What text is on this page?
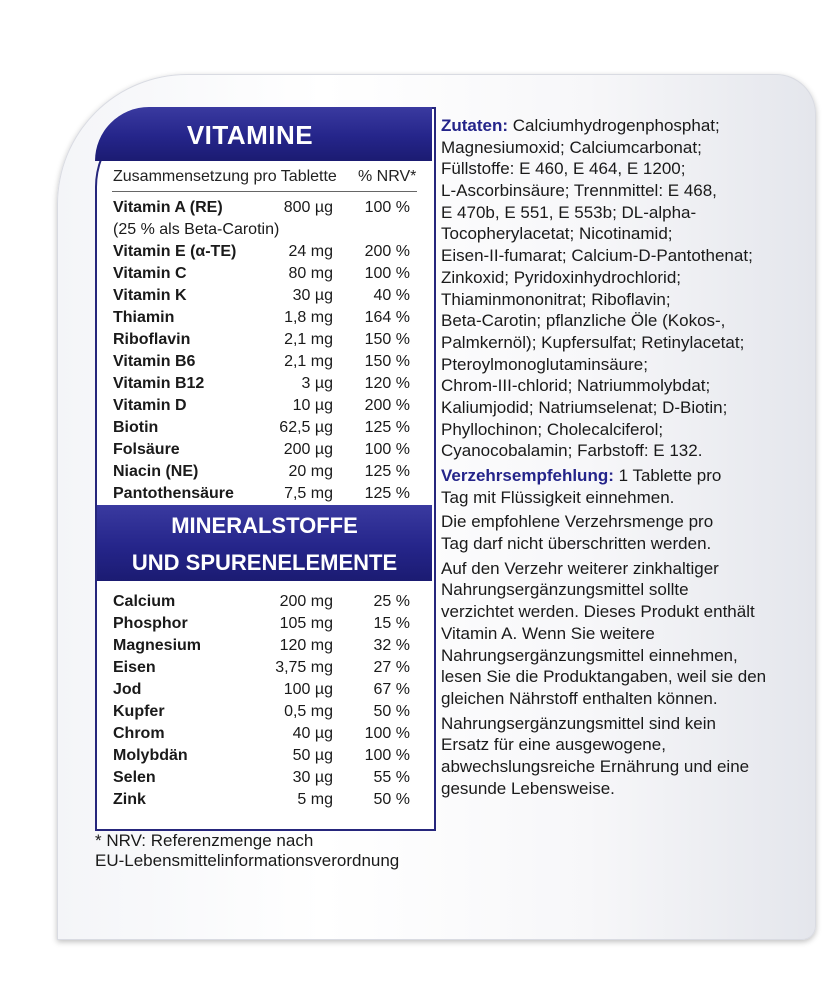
VITAMINE
Zusammensetzung pro Tablette % NRV*
Vitamin A (RE)	800 µg	100 %
(25 % als Beta-Carotin)
Vitamin E (α-TE)	24 mg	200 %
Vitamin C	80 mg	100 %
Vitamin K	30 µg	40 %
Thiamin	1,8 mg	164 %
Riboflavin	2,1 mg	150 %
Vitamin B6	2,1 mg	150 %
Vitamin B12	3 µg	120 %
Vitamin D	10 µg	200 %
Biotin	62,5 µg	125 %
Folsäure	200 µg	100 %
Niacin (NE)	20 mg	125 %
Pantothensäure	7,5 mg	125 %
MINERALSTOFFE
UND SPURENELEMENTE
Calcium	200 mg	25 %
Phosphor	105 mg	15 %
Magnesium	120 mg	32 %
Eisen	3,75 mg	27 %
Jod	100 µg	67 %
Kupfer	0,5 mg	50 %
Chrom	40 µg	100 %
Molybdän	50 µg	100 %
Selen	30 µg	55 %
Zink	5 mg	50 %
* NRV: Referenzmenge nach
EU-Lebensmittelinformationsverordnung
Zutaten: Calciumhydrogenphosphat;
Magnesiumoxid; Calciumcarbonat;
Füllstoffe: E 460, E 464, E 1200;
L-Ascorbinsäure; Trennmittel: E 468,
E 470b, E 551, E 553b; DL-alpha-
Tocopherylacetat; Nicotinamid;
Eisen-II-fumarat; Calcium-D-Pantothenat;
Zinkoxid; Pyridoxinhydrochlorid;
Thiaminmononitrat; Riboflavin;
Beta-Carotin; pflanzliche Öle (Kokos-,
Palmkernöl); Kupfersulfat; Retinylacetat;
Pteroylmonoglutaminsäure;
Chrom-III-chlorid; Natriummolybdat;
Kaliumjodid; Natriumselenat; D-Biotin;
Phyllochinon; Cholecalciferol;
Cyanocobalamin; Farbstoff: E 132.
Verzehrsempfehlung: 1 Tablette pro
Tag mit Flüssigkeit einnehmen.
Die empfohlene Verzehrsmenge pro
Tag darf nicht überschritten werden.
Auf den Verzehr weiterer zinkhaltiger
Nahrungsergänzungsmittel sollte
verzichtet werden. Dieses Produkt enthält
Vitamin A. Wenn Sie weitere
Nahrungsergänzungsmittel einnehmen,
lesen Sie die Produktangaben, weil sie den
gleichen Nährstoff enthalten können.
Nahrungsergänzungsmittel sind kein
Ersatz für eine ausgewogene,
abwechslungsreiche Ernährung und eine
gesunde Lebensweise.
